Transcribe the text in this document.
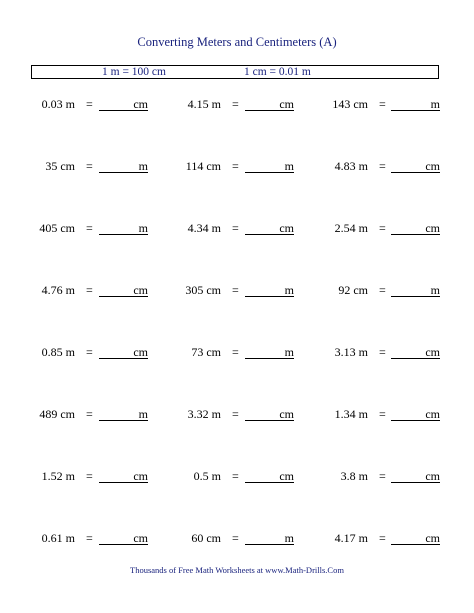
Converting Meters and Centimeters (A)
1 m = 100 cm	1 cm = 0.01 m
0.03 m =	cm	4.15 m =	cm	143 cm =	m
35 cm =	m	114 cm =	m	4.83 m =	cm
405 cm =	m	4.34 m =	cm	2.54 m =	cm
4.76 m =	cm	305 cm =	m	92 cm =	m
0.85 m =	cm	73 cm =	m	3.13 m =	cm
489 cm =	m	3.32 m =	cm	1.34 m =	cm
1.52 m =	cm	0.5 m =	cm	3.8 m =	cm
0.61 m =	cm	60 cm =	m	4.17 m =	cm
Thousands of Free Math Worksheets at www.Math-Drills.Com
